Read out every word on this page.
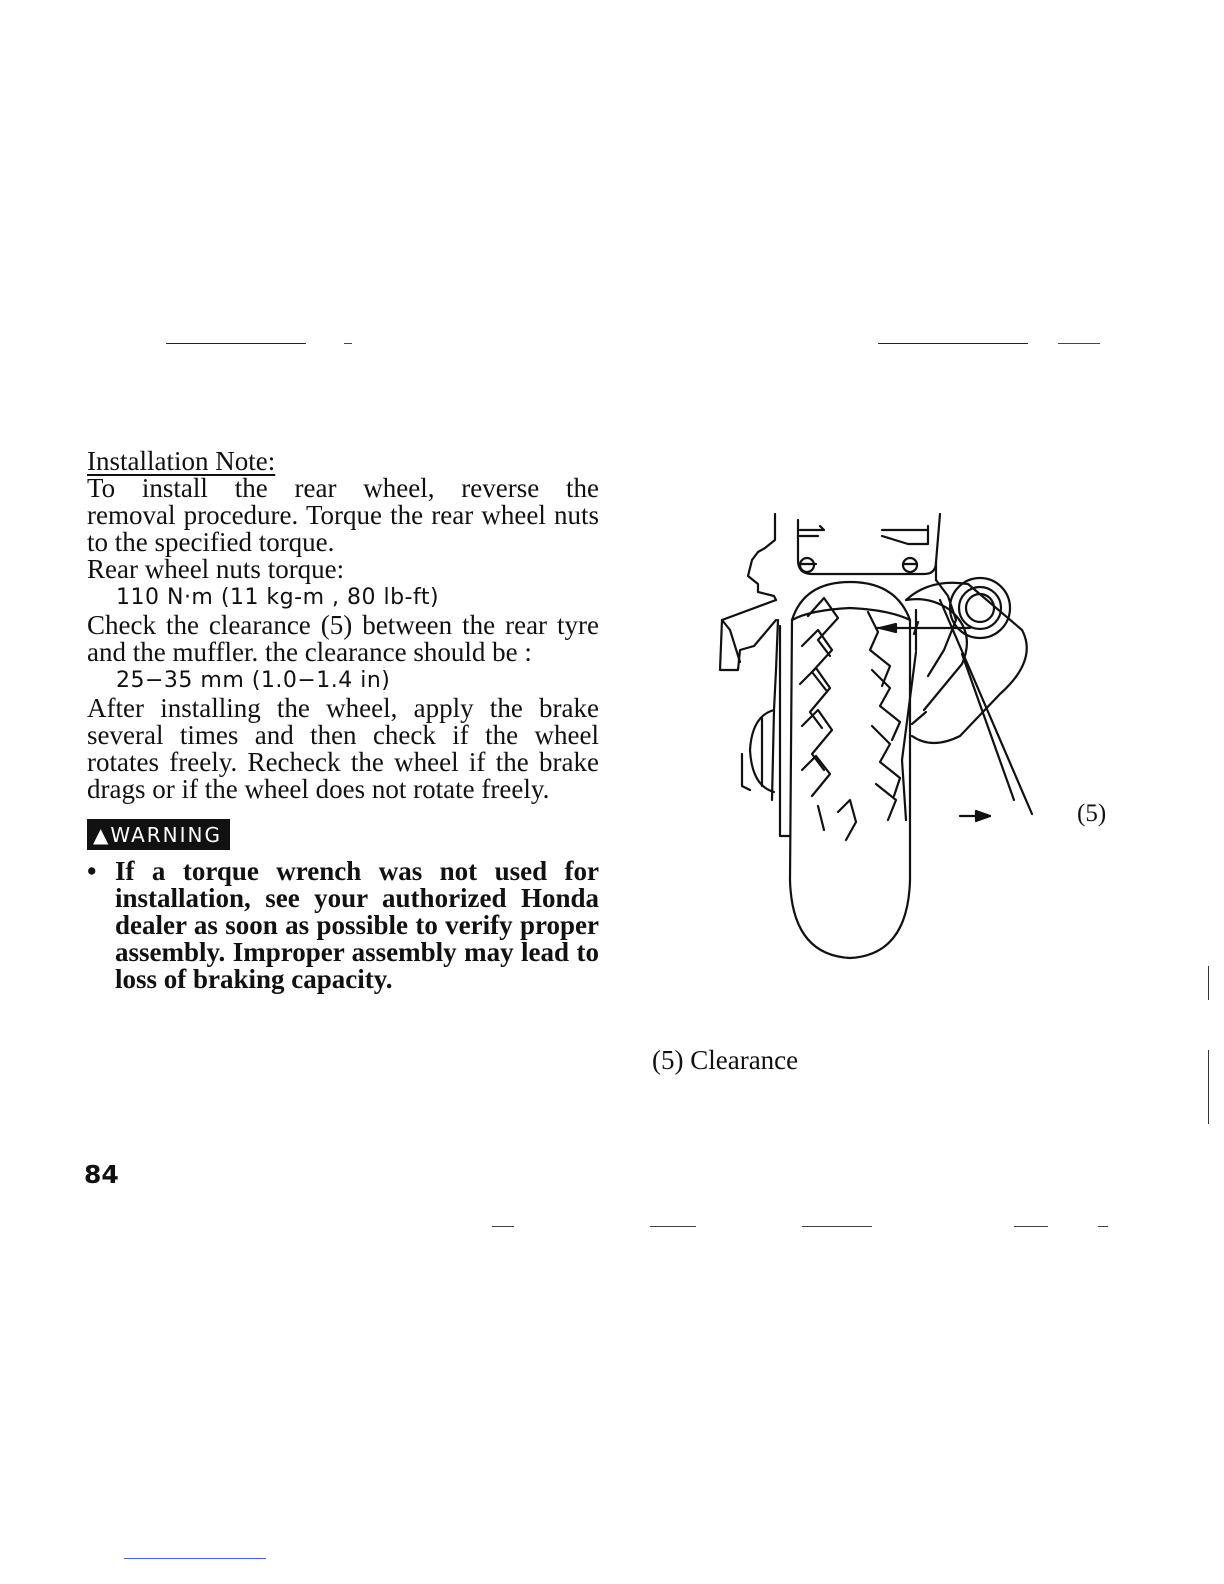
Installation Note:

To install the rear wheel, reverse the

removal procedure. Torque the rear wheel nuts to the specified torque.

Rear wheel nuts torque:

110 N·m (11 kg-m , 80 lb-ft)

Check the clearance (5) between the rear tyre and the muffler. the clearance should be :

25−35 mm (1.0−1.4 in)

After installing the wheel, apply the brake several times and then check if the wheel rotates freely. Recheck the wheel if the brake drags or if the wheel does not rotate freely.

▲WARNING
• If a torque wrench was not used for installation, see your authorized Honda dealer as soon as possible to verify proper assembly. Improper assembly may lead to loss of braking capacity.
(5)
(5) Clearance
84
